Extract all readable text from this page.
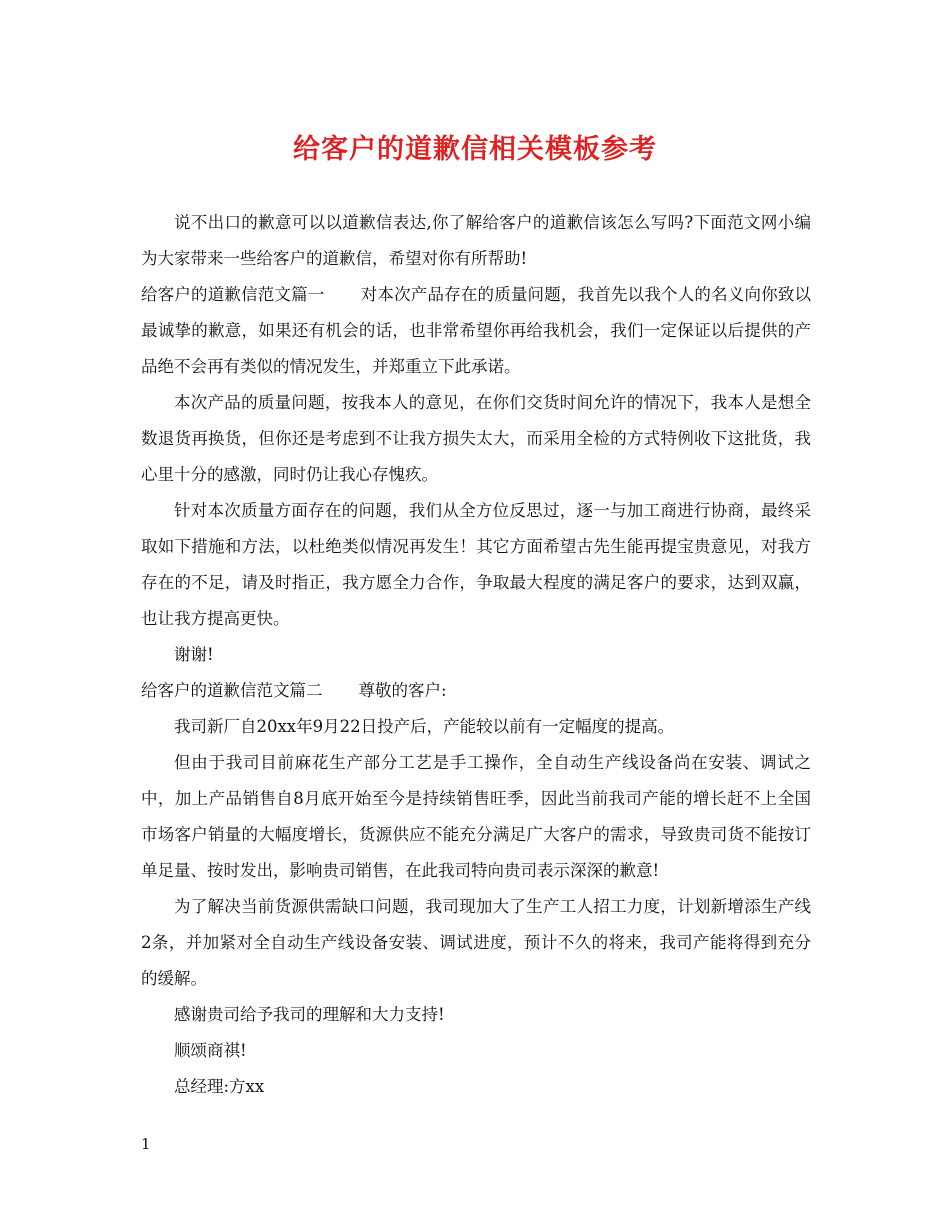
给客户的道歉信相关模板参考

说不出口的歉意可以以道歉信表达,你了解给客户的道歉信该怎么写吗?下面范文网小编为大家带来一些给客户的道歉信，希望对你有所帮助!

给客户的道歉信范文篇一 对本次产品存在的质量问题，我首先以我个人的名义向你致以最诚挚的歉意，如果还有机会的话，也非常希望你再给我机会，我们一定保证以后提供的产品绝不会再有类似的情况发生，并郑重立下此承诺。

本次产品的质量问题，按我本人的意见，在你们交货时间允许的情况下，我本人是想全数退货再换货，但你还是考虑到不让我方损失太大，而采用全检的方式特例收下这批货，我心里十分的感激，同时仍让我心存愧疚。

针对本次质量方面存在的问题，我们从全方位反思过，逐一与加工商进行协商，最终采取如下措施和方法，以杜绝类似情况再发生！其它方面希望古先生能再提宝贵意见，对我方存在的不足，请及时指正，我方愿全力合作，争取最大程度的满足客户的要求，达到双赢，也让我方提高更快。

谢谢!

给客户的道歉信范文篇二 尊敬的客户:

我司新厂自20xx年9月22日投产后，产能较以前有一定幅度的提高。

但由于我司目前麻花生产部分工艺是手工操作，全自动生产线设备尚在安装、调试之中，加上产品销售自8月底开始至今是持续销售旺季，因此当前我司产能的增长赶不上全国市场客户销量的大幅度增长，货源供应不能充分满足广大客户的需求，导致贵司货不能按订单足量、按时发出，影响贵司销售，在此我司特向贵司表示深深的歉意!

为了解决当前货源供需缺口问题，我司现加大了生产工人招工力度，计划新增添生产线2条，并加紧对全自动生产线设备安装、调试进度，预计不久的将来，我司产能将得到充分的缓解。

感谢贵司给予我司的理解和大力支持!

顺颂商祺!

总经理:方xx

1
